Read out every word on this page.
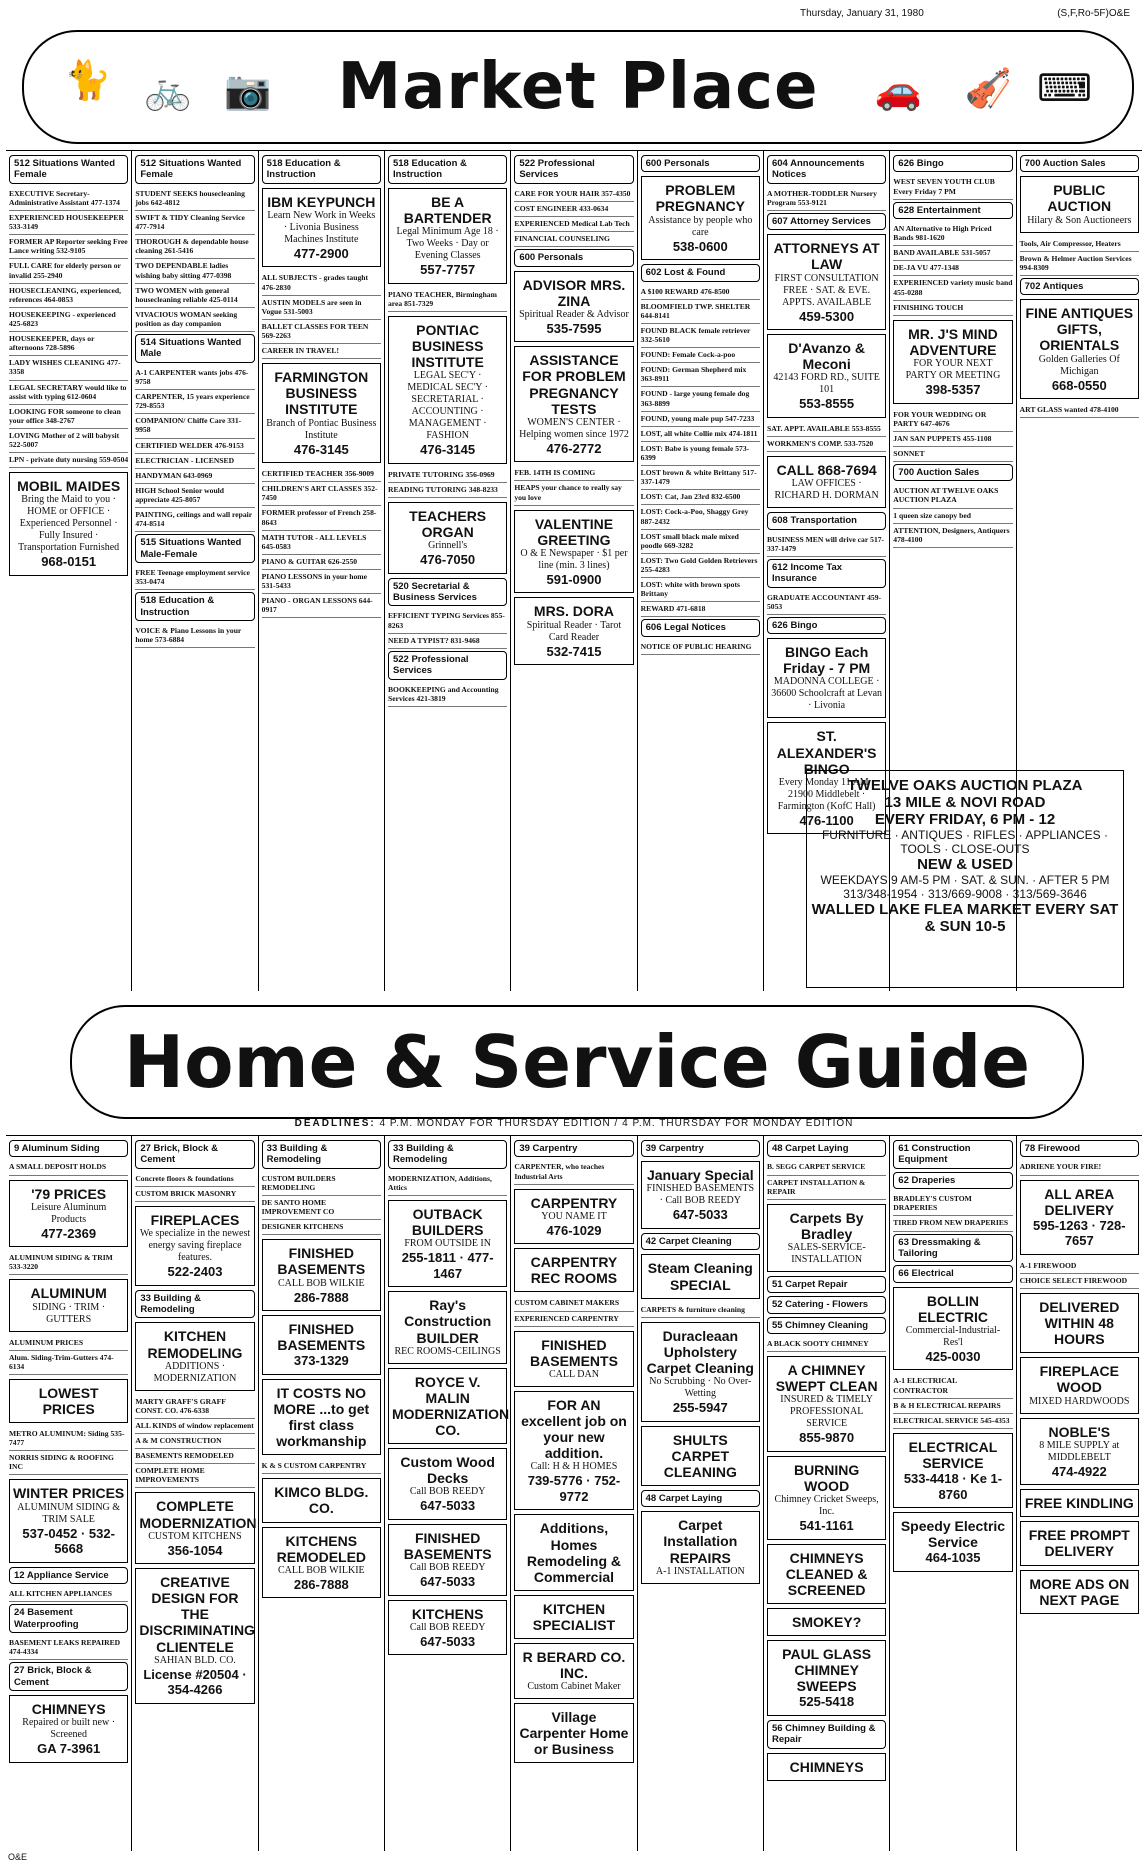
Thursday, January 31, 1980	(S,F,Ro-5F)O&E
🐈 🚲 📷 Market Place 🚗 🎻 ⌨
512 Situations Wanted Female
EXECUTIVE Secretary-Administrative Assistant 477-1374
EXPERIENCED HOUSEKEEPER 533-3149
FORMER AP Reporter seeking Free Lance writing 532-9105
FULL CARE for elderly person or invalid 255-2940
HOUSECLEANING, experienced, references 464-0853
HOUSEKEEPING - experienced 425-6823
HOUSEKEEPER, days or afternoons 728-5896
LADY WISHES CLEANING 477-3358
LEGAL SECRETARY would like to assist with typing 612-0604
LOOKING FOR someone to clean your office 348-2767
LOVING Mother of 2 will babysit 522-5007
LPN - private duty nursing 559-0504
MOBIL MAIDES
Bring the Maid to you · HOME or OFFICE · Experienced Personnel · Fully Insured · Transportation Furnished
968-0151
512 Situations Wanted Female
STUDENT SEEKS housecleaning jobs 642-4812
SWIFT & TIDY Cleaning Service 477-7914
THOROUGH & dependable house cleaning 261-5416
TWO DEPENDABLE ladies wishing baby sitting 477-0398
TWO WOMEN with general housecleaning reliable 425-0114
VIVACIOUS WOMAN seeking position as day companion
514 Situations Wanted Male
A-1 CARPENTER wants jobs 476-9758
CARPENTER, 15 years experience 729-8553
COMPANION/ Chiffe Care 331-9958
CERTIFIED WELDER 476-9153
ELECTRICIAN - LICENSED
HANDYMAN 643-0969
HIGH School Senior would appreciate 425-8057
PAINTING, ceilings and wall repair 474-8514
515 Situations Wanted Male-Female
FREE Teenage employment service 353-0474
518 Education & Instruction
VOICE & Piano Lessons in your home 573-6884
518 Education & Instruction
IBM KEYPUNCH
Learn New Work in Weeks · Livonia Business Machines Institute
477-2900
ALL SUBJECTS - grades taught 476-2830
AUSTIN MODELS are seen in Vogue 531-5003
BALLET CLASSES FOR TEEN 569-2263
CAREER IN TRAVEL!
FARMINGTON BUSINESS INSTITUTE
Branch of Pontiac Business Institute
476-3145
CERTIFIED TEACHER 356-9009
CHILDREN'S ART CLASSES 352-7450
FORMER professor of French 258-8643
MATH TUTOR - ALL LEVELS 645-0583
PIANO & GUITAR 626-2550
PIANO LESSONS in your home 531-5433
PIANO - ORGAN LESSONS 644-0917
518 Education & Instruction
BE A BARTENDER
Legal Minimum Age 18 · Two Weeks · Day or Evening Classes
557-7757
PIANO TEACHER, Birmingham area 851-7329
PONTIAC BUSINESS INSTITUTE
LEGAL SEC'Y · MEDICAL SEC'Y · SECRETARIAL · ACCOUNTING · MANAGEMENT · FASHION
476-3145
PRIVATE TUTORING 356-0969
READING TUTORING 348-8233
TEACHERS ORGAN
Grinnell's
476-7050
520 Secretarial & Business Services
EFFICIENT TYPING Services 855-8263
NEED A TYPIST? 831-9468
522 Professional Services
BOOKKEEPING and Accounting Services 421-3819
522 Professional Services
CARE FOR YOUR HAIR 357-4350
COST ENGINEER 433-0634
EXPERIENCED Medical Lab Tech
FINANCIAL COUNSELING
600 Personals
ADVISOR MRS. ZINA
Spiritual Reader & Advisor
535-7595
ASSISTANCE FOR PROBLEM PREGNANCY TESTS
WOMEN'S CENTER · Helping women since 1972
476-2772
FEB. 14TH IS COMING
HEAPS your chance to really say you love
VALENTINE GREETING
O & E Newspaper · $1 per line (min. 3 lines)
591-0900
MRS. DORA
Spiritual Reader · Tarot Card Reader
532-7415
600 Personals
PROBLEM PREGNANCY
Assistance by people who care
538-0600
602 Lost & Found
A $100 REWARD 476-8500
BLOOMFIELD TWP. SHELTER 644-8141
FOUND BLACK female retriever 332-5610
FOUND: Female Cock-a-poo
FOUND: German Shepherd mix 363-8911
FOUND - large young female dog 363-8899
FOUND, young male pup 547-7233
LOST, all white Collie mix 474-1811
LOST: Babe is young female 573-6399
LOST brown & white Brittany 517-337-1479
LOST: Cat, Jan 23rd 832-6500
LOST: Cock-a-Poo, Shaggy Grey 887-2432
LOST small black male mixed poodle 669-3282
LOST: Two Gold Golden Retrievers 255-4283
LOST: white with brown spots Brittany
REWARD 471-6818
606 Legal Notices
NOTICE OF PUBLIC HEARING
604 Announcements Notices
A MOTHER-TODDLER Nursery Program 553-9121
607 Attorney Services
ATTORNEYS AT LAW
FIRST CONSULTATION FREE · SAT. & EVE. APPTS. AVAILABLE
459-5300
D'Avanzo & Meconi
42143 FORD RD., SUITE 101
553-8555
SAT. APPT. AVAILABLE 553-8555
WORKMEN'S COMP. 533-7520
CALL 868-7694
LAW OFFICES · RICHARD H. DORMAN
608 Transportation
BUSINESS MEN will drive car 517-337-1479
612 Income Tax Insurance
GRADUATE ACCOUNTANT 459-5053
626 Bingo
BINGO Each Friday - 7 PM
MADONNA COLLEGE · 36600 Schoolcraft at Levan · Livonia
ST. ALEXANDER'S BINGO
Every Monday 11 AM · 21900 Middlebelt · Farmington (KofC Hall)
476-1100
626 Bingo
WEST SEVEN YOUTH CLUB Every Friday 7 PM
628 Entertainment
AN Alternative to High Priced Bands 981-1620
BAND AVAILABLE 531-5057
DE-JA VU 477-1348
EXPERIENCED variety music band 455-0288
FINISHING TOUCH
MR. J'S MIND ADVENTURE
FOR YOUR NEXT PARTY OR MEETING
398-5357
FOR YOUR WEDDING OR PARTY 647-4676
JAN SAN PUPPETS 455-1108
SONNET
700 Auction Sales
AUCTION AT TWELVE OAKS AUCTION PLAZA
1 queen size canopy bed
ATTENTION, Designers, Antiquers 478-4100
700 Auction Sales
PUBLIC AUCTION
Hilary & Son Auctioneers
Tools, Air Compressor, Heaters
Brown & Helmer Auction Services 994-8309
702 Antiques
FINE ANTIQUES GIFTS, ORIENTALS
Golden Galleries Of Michigan
668-0550
ART GLASS wanted 478-4100
TWELVE OAKS AUCTION PLAZA
13 MILE & NOVI ROAD
EVERY FRIDAY, 6 PM - 12
FURNITURE · ANTIQUES · RIFLES · APPLIANCES · TOOLS · CLOSE-OUTS
NEW & USED
WEEKDAYS 9 AM-5 PM · SAT. & SUN. · AFTER 5 PM
313/348-1954 · 313/669-9008 · 313/569-3646
WALLED LAKE FLEA MARKET EVERY SAT & SUN 10-5
Home & Service Guide
DEADLINES: 4 P.M. MONDAY FOR THURSDAY EDITION / 4 P.M. THURSDAY FOR MONDAY EDITION
9 Aluminum Siding
A SMALL DEPOSIT HOLDS
'79 PRICES
Leisure Aluminum Products
477-2369
ALUMINUM SIDING & TRIM 533-3220
ALUMINUM
SIDING · TRIM · GUTTERS
ALUMINUM PRICES
Alum. Siding-Trim-Gutters 474-6134
LOWEST PRICES
METRO ALUMINUM: Siding 535-7477
NORRIS SIDING & ROOFING INC
WINTER PRICES
ALUMINUM SIDING & TRIM SALE
537-0452 · 532-5668
12 Appliance Service
ALL KITCHEN APPLIANCES
24 Basement Waterproofing
BASEMENT LEAKS REPAIRED 474-4334
27 Brick, Block & Cement
CHIMNEYS
Repaired or built new · Screened
GA 7-3961
27 Brick, Block & Cement
Concrete floors & foundations
CUSTOM BRICK MASONRY
FIREPLACES
We specialize in the newest energy saving fireplace features.
522-2403
33 Building & Remodeling
KITCHEN REMODELING
ADDITIONS · MODERNIZATION
MARTY GRAFF'S GRAFF CONST. CO. 476-6338
ALL KINDS of window replacement
A & M CONSTRUCTION
BASEMENTS REMODELED
COMPLETE HOME IMPROVEMENTS
COMPLETE MODERNIZATION
CUSTOM KITCHENS
356-1054
CREATIVE DESIGN FOR THE DISCRIMINATING CLIENTELE
SAHIAN BLD. CO.
License #20504 · 354-4266
33 Building & Remodeling
CUSTOM BUILDERS REMODELING
DE SANTO HOME IMPROVEMENT CO
DESIGNER KITCHENS
FINISHED BASEMENTS
CALL BOB WILKIE
286-7888
FINISHED BASEMENTS
373-1329
IT COSTS NO MORE ...to get first class workmanship
K & S CUSTOM CARPENTRY
KIMCO BLDG. CO.
KITCHENS REMODELED
CALL BOB WILKIE
286-7888
33 Building & Remodeling
MODERNIZATION, Additions, Attics
OUTBACK BUILDERS
FROM OUTSIDE IN
255-1811 · 477-1467
Ray's Construction BUILDER
REC ROOMS-CEILINGS
ROYCE V. MALIN MODERNIZATION CO.
Custom Wood Decks
Call BOB REEDY
647-5033
FINISHED BASEMENTS
Call BOB REEDY
647-5033
KITCHENS
Call BOB REEDY
647-5033
39 Carpentry
CARPENTER, who teaches Industrial Arts
CARPENTRY
YOU NAME IT
476-1029
CARPENTRY REC ROOMS
CUSTOM CABINET MAKERS
EXPERIENCED CARPENTRY
FINISHED BASEMENTS
CALL DAN
FOR AN excellent job on your new addition.
Call: H & H HOMES
739-5776 · 752-9772
Additions, Homes Remodeling & Commercial
KITCHEN SPECIALIST
R BERARD CO. INC.
Custom Cabinet Maker
Village Carpenter Home or Business
39 Carpentry
January Special
FINISHED BASEMENTS · Call BOB REEDY
647-5033
42 Carpet Cleaning
Steam Cleaning SPECIAL
CARPETS & furniture cleaning
Duracleaan Upholstery Carpet Cleaning
No Scrubbing · No Over-Wetting
255-5947
SHULTS CARPET CLEANING
48 Carpet Laying
Carpet Installation REPAIRS
A-1 INSTALLATION
48 Carpet Laying
B. SEGG CARPET SERVICE
CARPET INSTALLATION & REPAIR
Carpets By Bradley
SALES-SERVICE-INSTALLATION
51 Carpet Repair
52 Catering - Flowers
55 Chimney Cleaning
A BLACK SOOTY CHIMNEY
A CHIMNEY SWEPT CLEAN
INSURED & TIMELY PROFESSIONAL SERVICE
855-9870
BURNING WOOD
Chimney Cricket Sweeps, Inc.
541-1161
CHIMNEYS CLEANED & SCREENED
SMOKEY?
PAUL GLASS CHIMNEY SWEEPS
525-5418
56 Chimney Building & Repair
CHIMNEYS
61 Construction Equipment
62 Draperies
BRADLEY'S CUSTOM DRAPERIES
TIRED FROM NEW DRAPERIES
63 Dressmaking & Tailoring
66 Electrical
BOLLIN ELECTRIC
Commercial-Industrial-Res'l
425-0030
A-1 ELECTRICAL CONTRACTOR
B & H ELECTRICAL REPAIRS
ELECTRICAL SERVICE 545-4353
ELECTRICAL SERVICE
533-4418 · Ke 1-8760
Speedy Electric Service
464-1035
78 Firewood
ADRIENE YOUR FIRE!
ALL AREA DELIVERY
595-1263 · 728-7657
A-1 FIREWOOD
CHOICE SELECT FIREWOOD
DELIVERED WITHIN 48 HOURS
FIREPLACE WOOD
MIXED HARDWOODS
NOBLE'S
8 MILE SUPPLY at MIDDLEBELT
474-4922
FREE KINDLING
FREE PROMPT DELIVERY
MORE ADS ON NEXT PAGE
O&E
